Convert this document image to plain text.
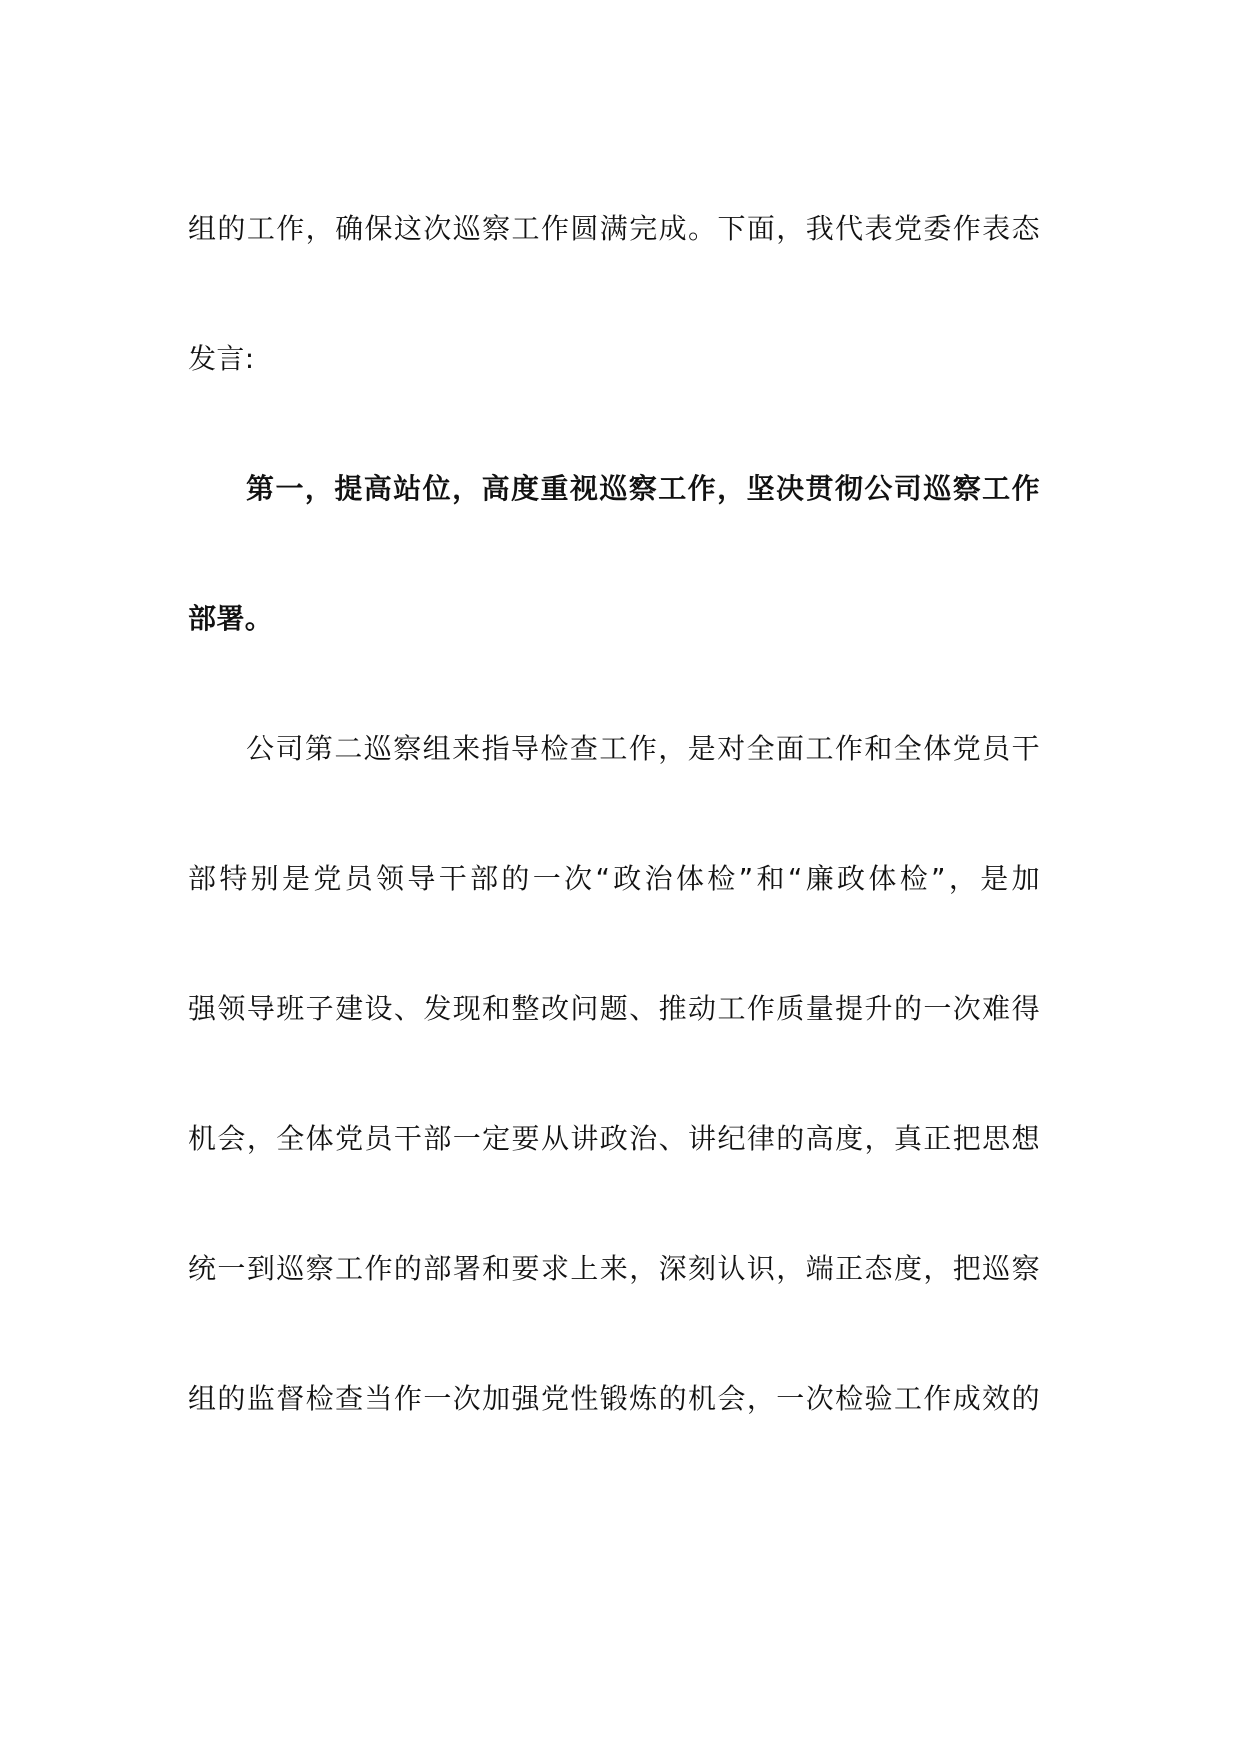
组的工作，确保这次巡察工作圆满完成。下面，我代表党委作表态
发言:
第一，提高站位，高度重视巡察工作，坚决贯彻公司巡察工作
部署。
公司第二巡察组来指导检查工作，是对全面工作和全体党员干
部特别是党员领导干部的一次“政治体检”和“廉政体检”，是加
强领导班子建设、发现和整改问题、推动工作质量提升的一次难得
机会，全体党员干部一定要从讲政治、讲纪律的高度，真正把思想
统一到巡察工作的部署和要求上来，深刻认识，端正态度，把巡察
组的监督检查当作一次加强党性锻炼的机会，一次检验工作成效的
